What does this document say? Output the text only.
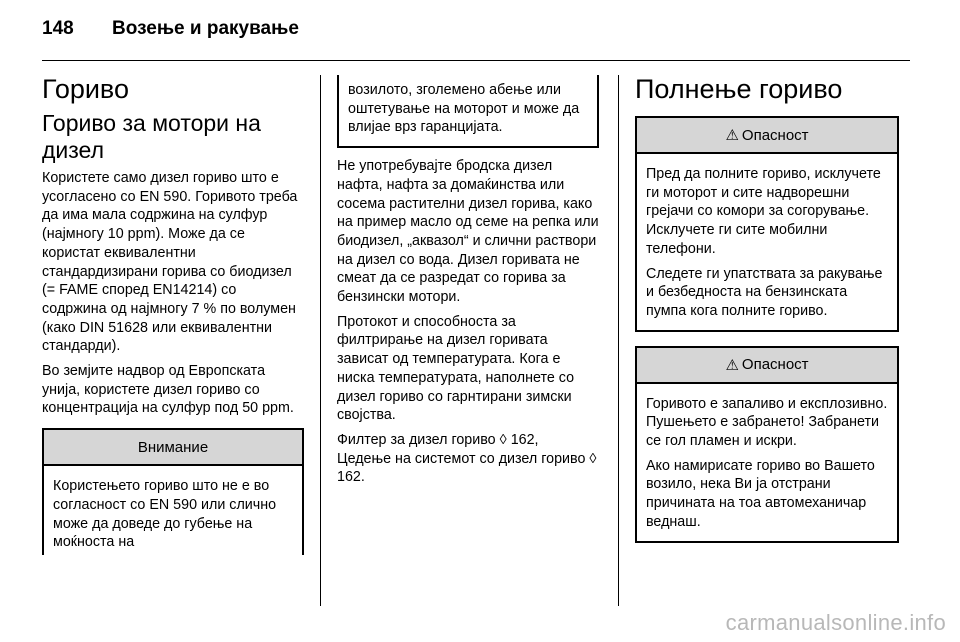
148	Возење и ракување
Гориво
Гориво за мотори на
дизел
Користете само дизел гориво што е усогласено со EN 590. Горивото треба да има мала содржина на сулфур (најмногу 10 ppm). Може да се користат еквивалентни стандардизирани горива со биодизел (= FAME според EN14214) со содржина од најмногу 7 % по волумен (како DIN 51628 или еквивалентни стандарди).
Во земјите надвор од Европската унија, користете дизел гориво со концентрација на сулфур под 50 ppm.
Внимание
Користењето гориво што не е во согласност со EN 590 или слично може да доведе до губење на моќноста на
возилото, зголемено абење или оштетување на моторот и може да влијае врз гаранцијата.
Не употребувајте бродска дизел нафта, нафта за домаќинства или сосема растителни дизел горива, како на пример масло од семе на репка или биодизел, „аквазол“ и слични раствори на дизел со вода. Дизел горивата не смеат да се разредат со горива за бензински мотори.
Протокот и способноста за филтрирање на дизел горивата зависат од температурата. Кога е ниска температурата, наполнете со дизел гориво со гарнтирани зимски својства.
Филтер за дизел гориво ◊ 162,
Цедење на системот со дизел гориво ◊ 162.
Полнење гориво
⚠ Опасност
Пред да полните гориво, исклучете ги моторот и сите надворешни грејачи со комори за согорување. Исклучете ги сите мобилни телефони.
Следете ги упатствата за ракување и безбедноста на бензинската пумпа кога полните гориво.
⚠ Опасност
Горивото е запаливо и експлозивно. Пушењето е забрането! Забранети се гол пламен и искри.
Ако намирисате гориво во Вашето возило, нека Ви ја отстрани причината на тоа автомеханичар веднаш.
carmanualsonline.info
